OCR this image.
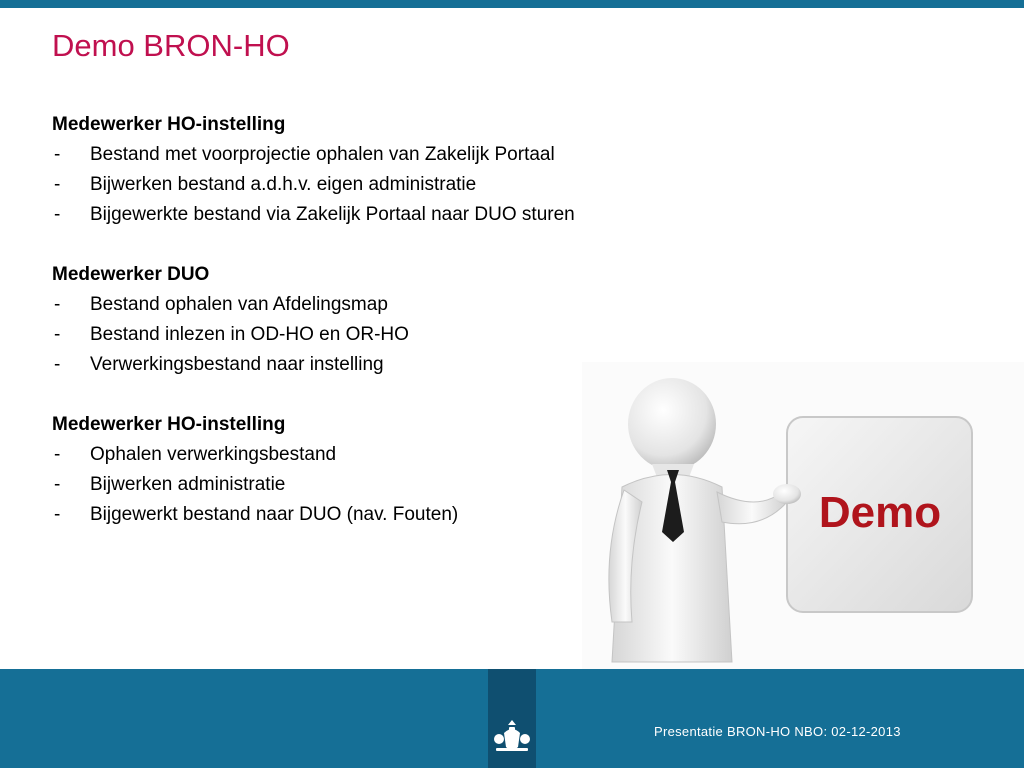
Demo BRON-HO

Medewerker HO-instelling

- Bestand met voorprojectie ophalen van Zakelijk Portaal
- Bijwerken bestand a.d.h.v. eigen administratie
- Bijgewerkte bestand via Zakelijk Portaal naar DUO sturen

Medewerker DUO

- Bestand ophalen van Afdelingsmap
- Bestand inlezen in OD-HO en OR-HO
- Verwerkingsbestand naar instelling

Medewerker HO-instelling

- Ophalen verwerkingsbestand
- Bijwerken administratie
- Bijgewerkt bestand naar DUO (nav. Fouten)	Demo
Presentatie BRON-HO NBO: 02-12-2013
